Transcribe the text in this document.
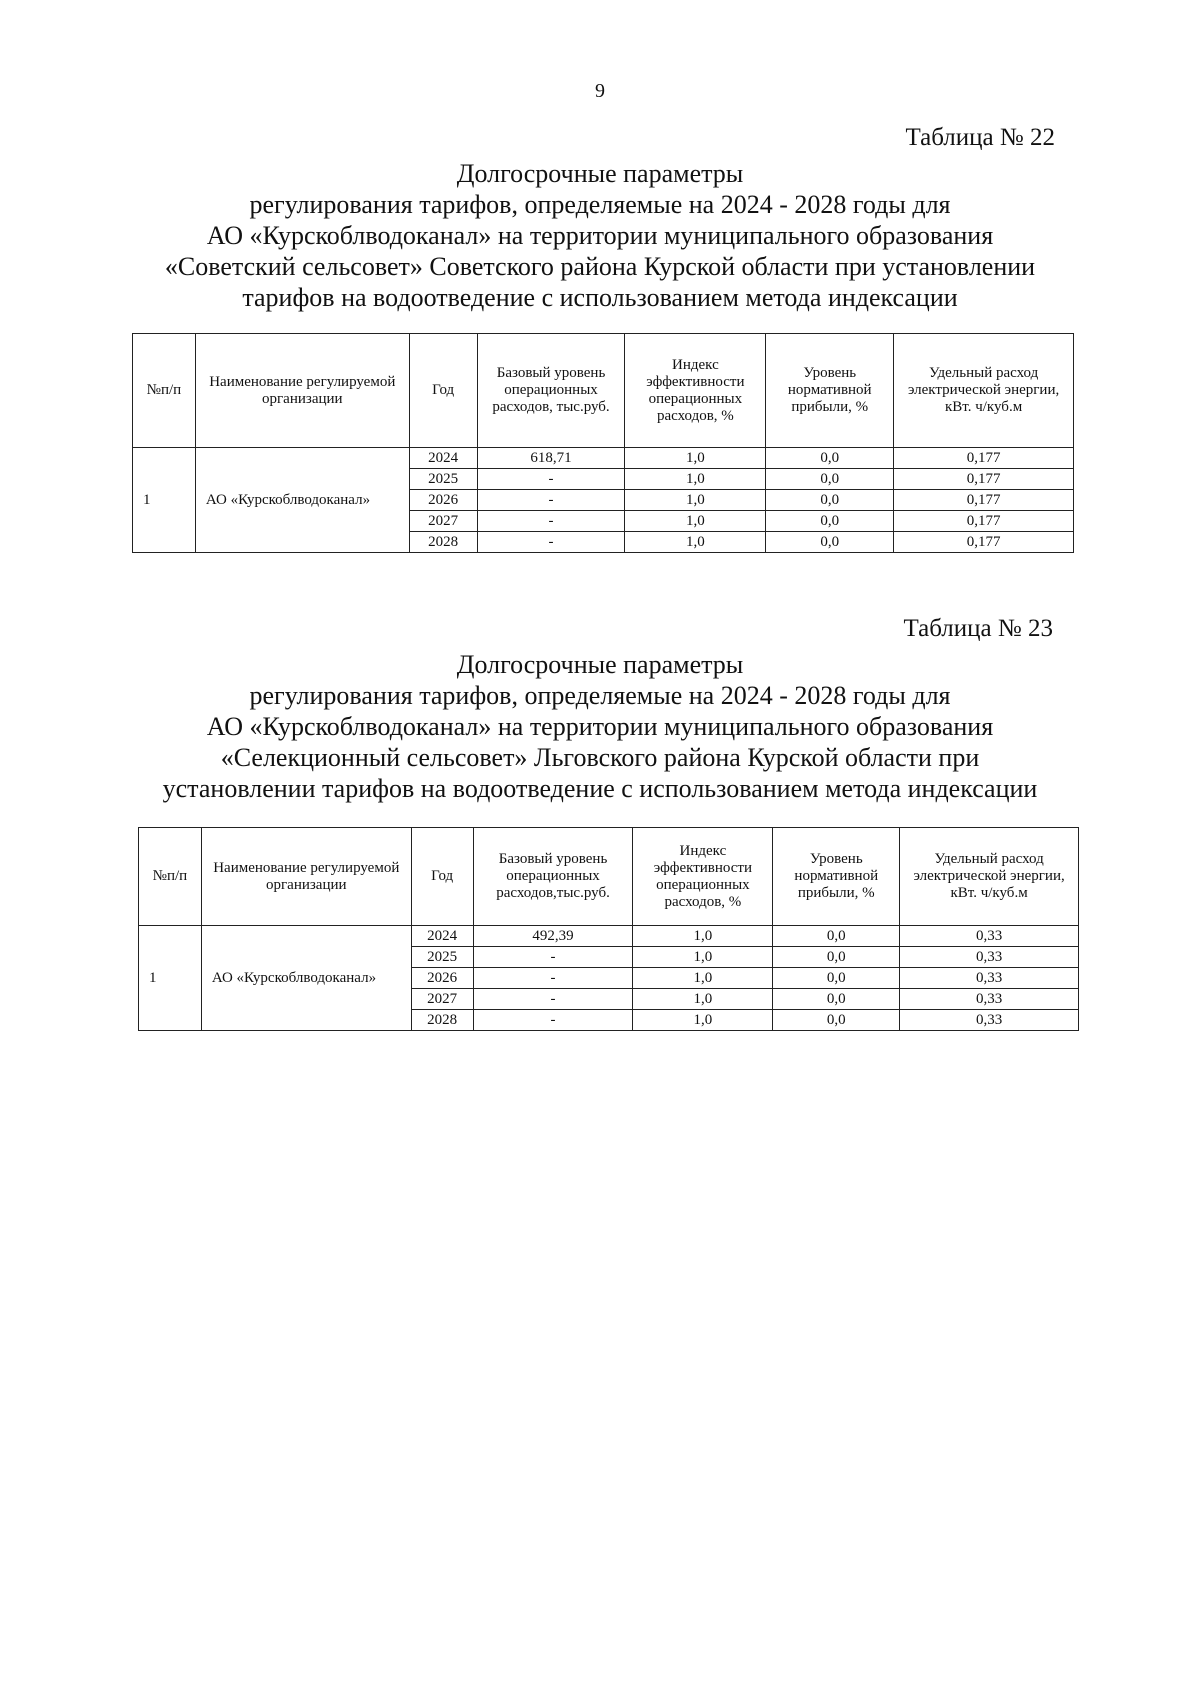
9
Таблица № 22
Долгосрочные параметры
регулирования тарифов, определяемые на 2024 - 2028 годы для
АО «Курскоблводоканал» на территории муниципального образования
«Советский сельсовет» Советского района Курской области при установлении
тарифов на водоотведение с использованием метода индексации
№п/п	Наименование регулируемой организации	Год	Базовый уровень операционных расходов, тыс.руб.	Индекс эффективности операционных расходов, %	Уровень нормативной прибыли, %	Удельный расход электрической энергии, кВт. ч/куб.м
1	АО «Курскоблводоканал»	2024	618,71	1,0	0,0	0,177
		2025	-	1,0	0,0	0,177
		2026	-	1,0	0,0	0,177
		2027	-	1,0	0,0	0,177
		2028	-	1,0	0,0	0,177
Таблица № 23
Долгосрочные параметры
регулирования тарифов, определяемые на 2024 - 2028 годы для
АО «Курскоблводоканал» на территории муниципального образования
«Селекционный сельсовет» Льговского района Курской области при
установлении тарифов на водоотведение с использованием метода индексации
№п/п	Наименование регулируемой организации	Год	Базовый уровень операционных расходов,тыс.руб.	Индекс эффективности операционных расходов, %	Уровень нормативной прибыли, %	Удельный расход электрической энергии, кВт. ч/куб.м
1	АО «Курскоблводоканал»	2024	492,39	1,0	0,0	0,33
		2025	-	1,0	0,0	0,33
		2026	-	1,0	0,0	0,33
		2027	-	1,0	0,0	0,33
		2028	-	1,0	0,0	0,33
